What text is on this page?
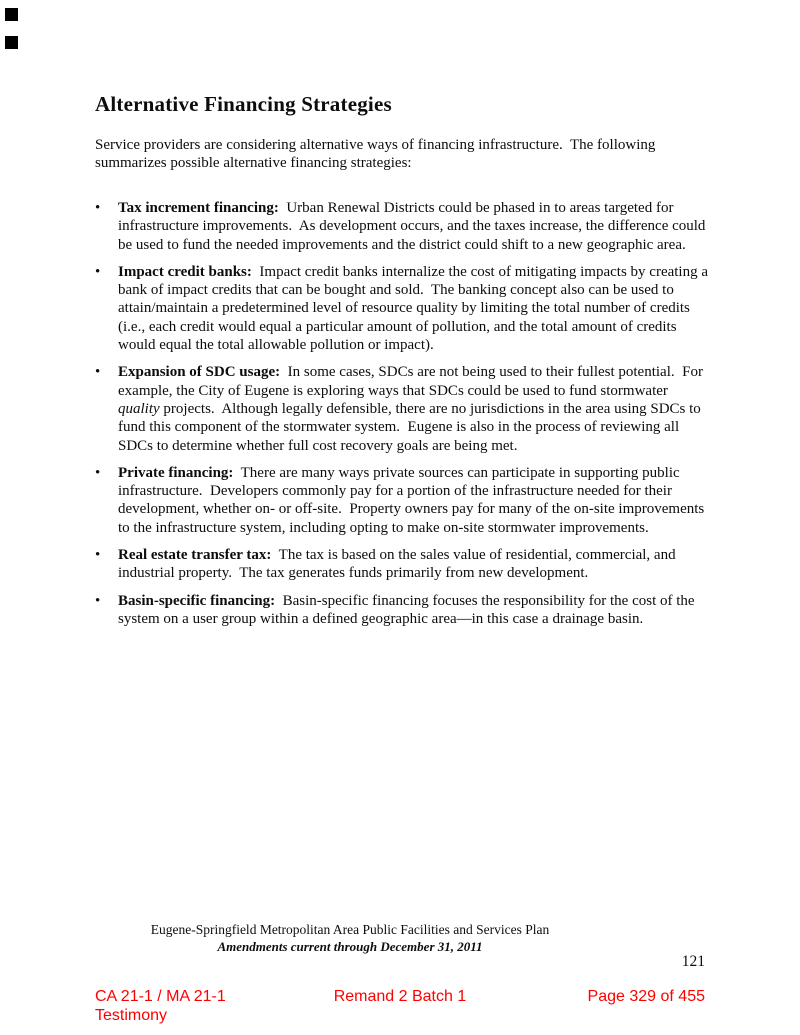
Alternative Financing Strategies

Service providers are considering alternative ways of financing infrastructure.  The following summarizes possible alternative financing strategies:

•	Tax increment financing:  Urban Renewal Districts could be phased in to areas targeted for infrastructure improvements.  As development occurs, and the taxes increase, the difference could be used to fund the needed improvements and the district could shift to a new geographic area.
•	Impact credit banks:  Impact credit banks internalize the cost of mitigating impacts by creating a bank of impact credits that can be bought and sold.  The banking concept also can be used to attain/maintain a predetermined level of resource quality by limiting the total number of credits (i.e., each credit would equal a particular amount of pollution, and the total amount of credits would equal the total allowable pollution or impact).
•	Expansion of SDC usage:  In some cases, SDCs are not being used to their fullest potential.  For example, the City of Eugene is exploring ways that SDCs could be used to fund stormwater quality projects.  Although legally defensible, there are no jurisdictions in the area using SDCs to fund this component of the stormwater system.  Eugene is also in the process of reviewing all SDCs to determine whether full cost recovery goals are being met.
•	Private financing:  There are many ways private sources can participate in supporting public infrastructure.  Developers commonly pay for a portion of the infrastructure needed for their development, whether on- or off-site.  Property owners pay for many of the on-site improvements to the infrastructure system, including opting to make on-site stormwater improvements.
•	Real estate transfer tax:  The tax is based on the sales value of residential, commercial, and industrial property.  The tax generates funds primarily from new development.
•	Basin-specific financing:  Basin-specific financing focuses the responsibility for the cost of the system on a user group within a defined geographic area—in this case a drainage basin.
Eugene-Springfield Metropolitan Area Public Facilities and Services Plan
Amendments current through December 31, 2011
121
CA 21-1 / MA 21-1 Testimony
Remand 2 Batch 1	Page 329 of 455
